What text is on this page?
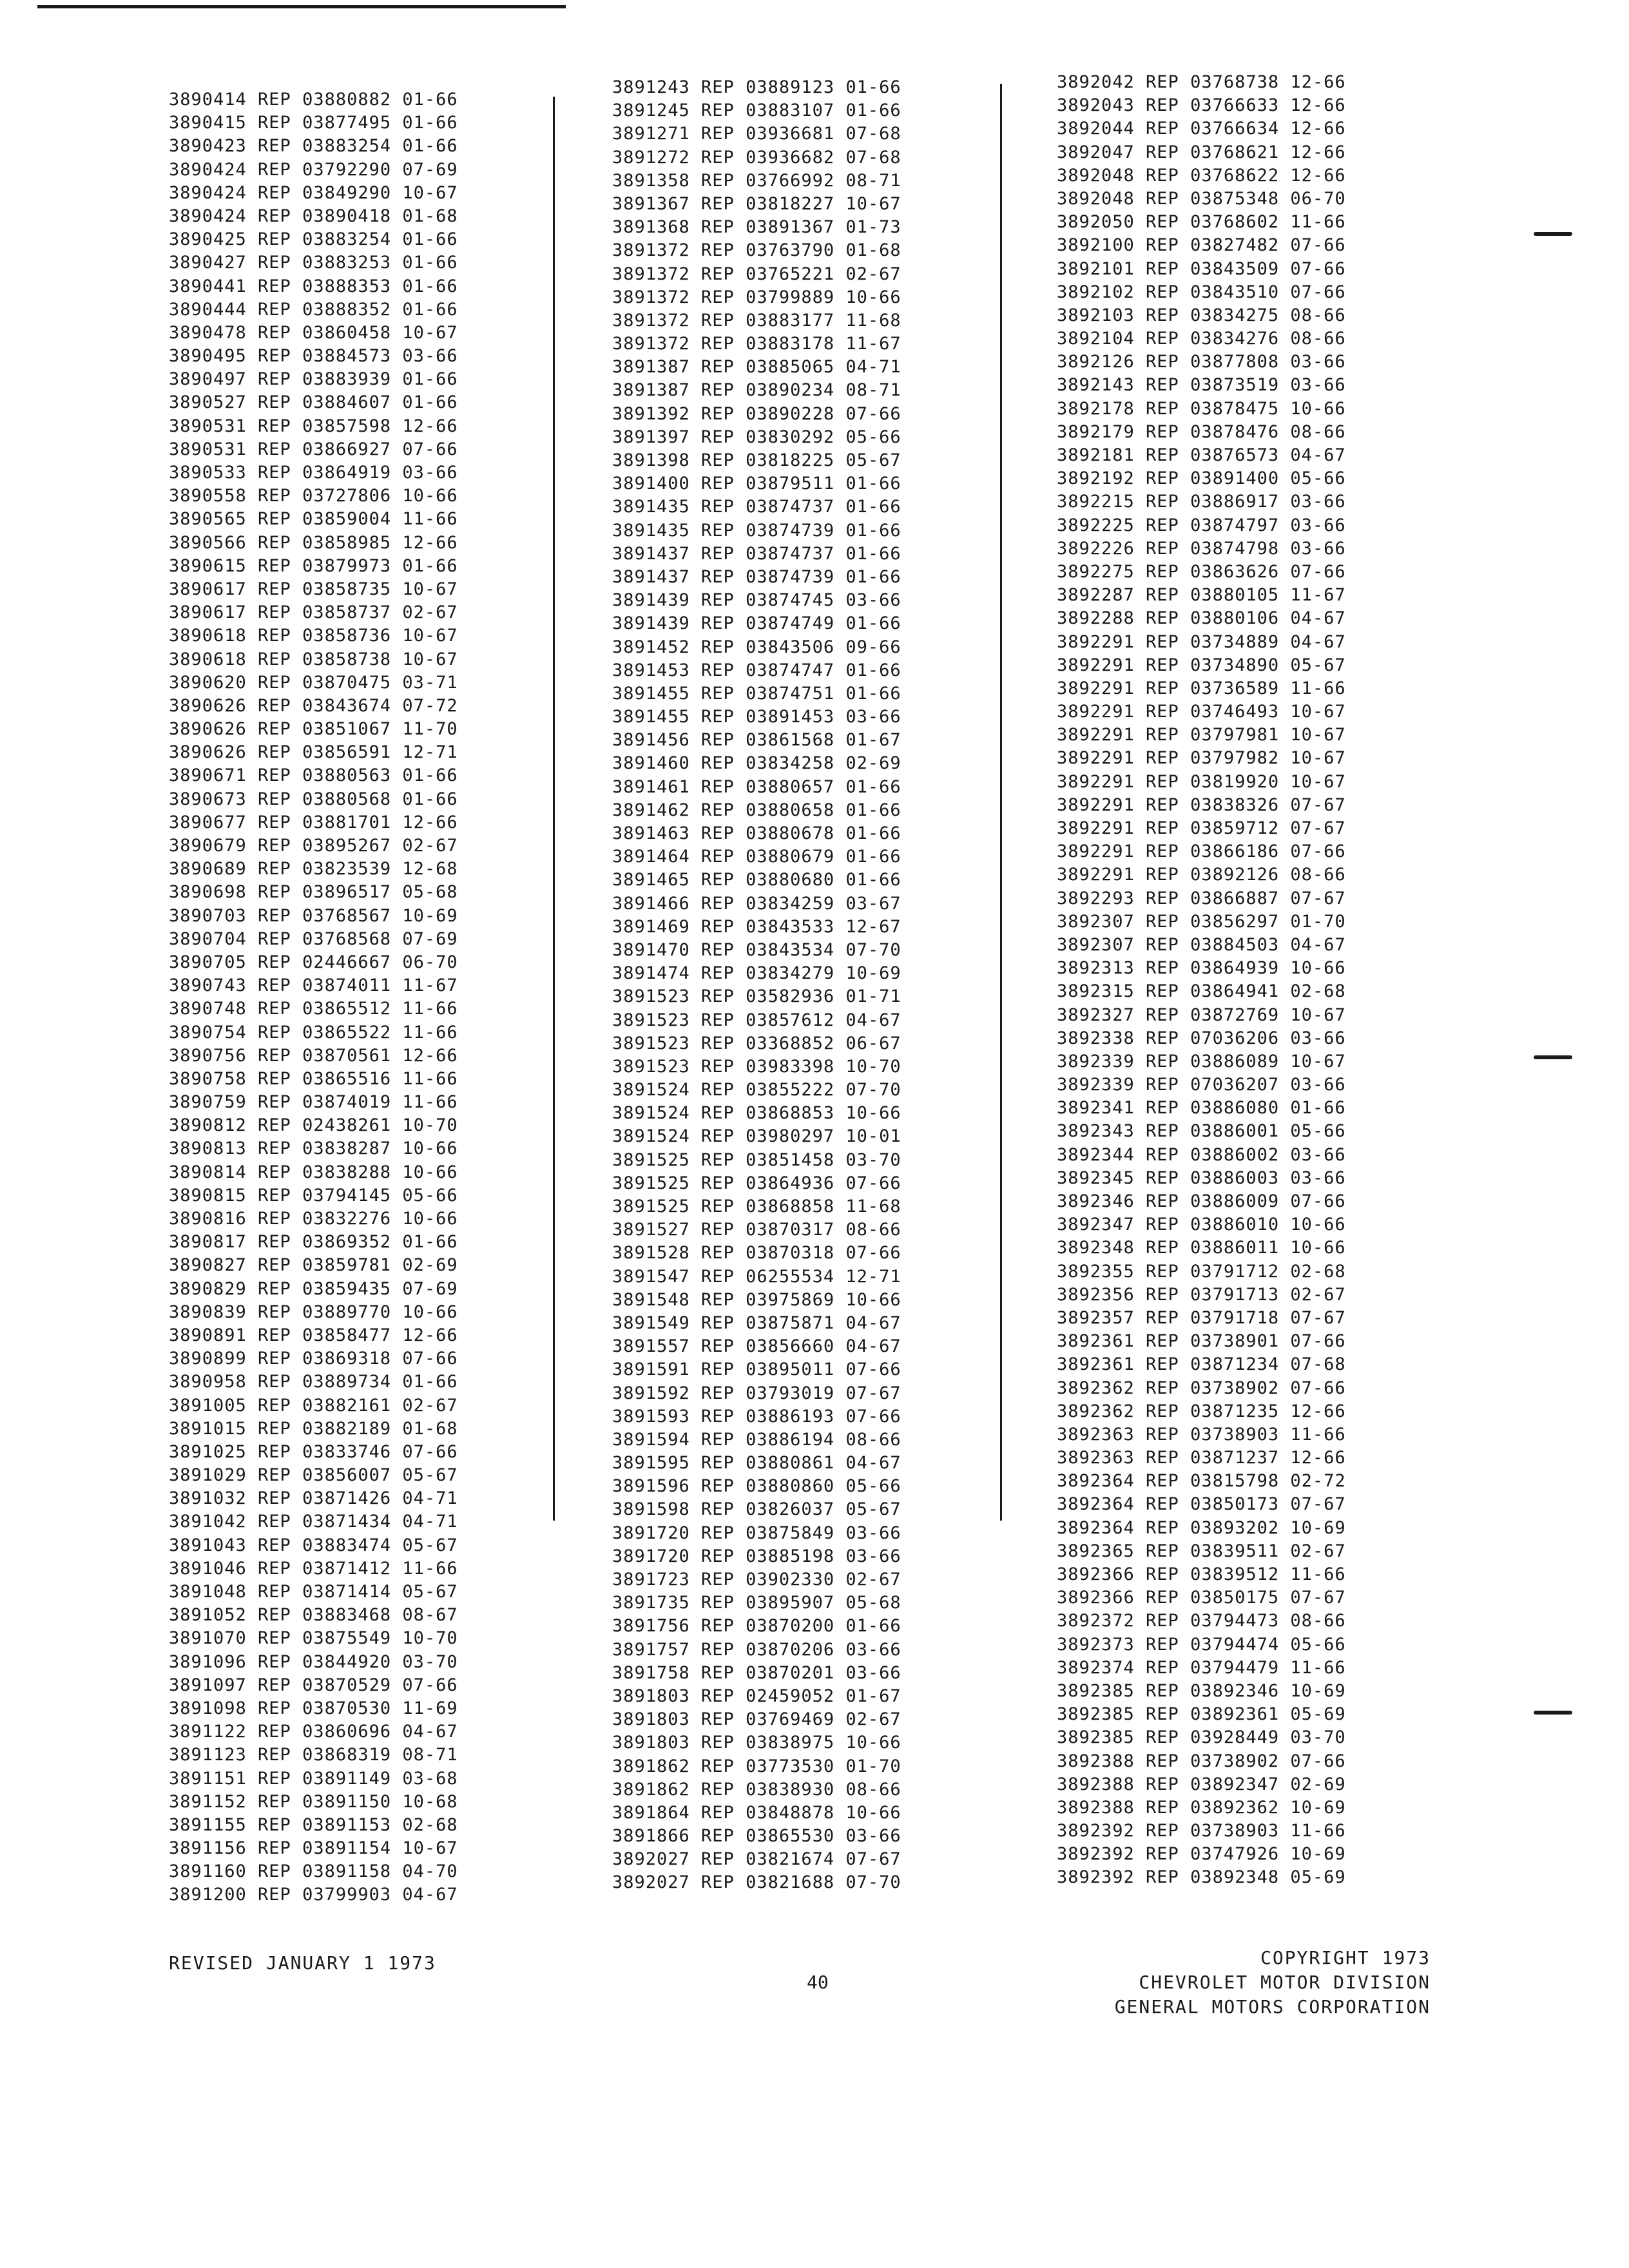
3890414 REP 03880882 01-66
3890415 REP 03877495 01-66
3890423 REP 03883254 01-66
3890424 REP 03792290 07-69
3890424 REP 03849290 10-67
3890424 REP 03890418 01-68
3890425 REP 03883254 01-66
3890427 REP 03883253 01-66
3890441 REP 03888353 01-66
3890444 REP 03888352 01-66
3890478 REP 03860458 10-67
3890495 REP 03884573 03-66
3890497 REP 03883939 01-66
3890527 REP 03884607 01-66
3890531 REP 03857598 12-66
3890531 REP 03866927 07-66
3890533 REP 03864919 03-66
3890558 REP 03727806 10-66
3890565 REP 03859004 11-66
3890566 REP 03858985 12-66
3890615 REP 03879973 01-66
3890617 REP 03858735 10-67
3890617 REP 03858737 02-67
3890618 REP 03858736 10-67
3890618 REP 03858738 10-67
3890620 REP 03870475 03-71
3890626 REP 03843674 07-72
3890626 REP 03851067 11-70
3890626 REP 03856591 12-71
3890671 REP 03880563 01-66
3890673 REP 03880568 01-66
3890677 REP 03881701 12-66
3890679 REP 03895267 02-67
3890689 REP 03823539 12-68
3890698 REP 03896517 05-68
3890703 REP 03768567 10-69
3890704 REP 03768568 07-69
3890705 REP 02446667 06-70
3890743 REP 03874011 11-67
3890748 REP 03865512 11-66
3890754 REP 03865522 11-66
3890756 REP 03870561 12-66
3890758 REP 03865516 11-66
3890759 REP 03874019 11-66
3890812 REP 02438261 10-70
3890813 REP 03838287 10-66
3890814 REP 03838288 10-66
3890815 REP 03794145 05-66
3890816 REP 03832276 10-66
3890817 REP 03869352 01-66
3890827 REP 03859781 02-69
3890829 REP 03859435 07-69
3890839 REP 03889770 10-66
3890891 REP 03858477 12-66
3890899 REP 03869318 07-66
3890958 REP 03889734 01-66
3891005 REP 03882161 02-67
3891015 REP 03882189 01-68
3891025 REP 03833746 07-66
3891029 REP 03856007 05-67
3891032 REP 03871426 04-71
3891042 REP 03871434 04-71
3891043 REP 03883474 05-67
3891046 REP 03871412 11-66
3891048 REP 03871414 05-67
3891052 REP 03883468 08-67
3891070 REP 03875549 10-70
3891096 REP 03844920 03-70
3891097 REP 03870529 07-66
3891098 REP 03870530 11-69
3891122 REP 03860696 04-67
3891123 REP 03868319 08-71
3891151 REP 03891149 03-68
3891152 REP 03891150 10-68
3891155 REP 03891153 02-68
3891156 REP 03891154 10-67
3891160 REP 03891158 04-70
3891200 REP 03799903 04-67
3891243 REP 03889123 01-66
3891245 REP 03883107 01-66
3891271 REP 03936681 07-68
3891272 REP 03936682 07-68
3891358 REP 03766992 08-71
3891367 REP 03818227 10-67
3891368 REP 03891367 01-73
3891372 REP 03763790 01-68
3891372 REP 03765221 02-67
3891372 REP 03799889 10-66
3891372 REP 03883177 11-68
3891372 REP 03883178 11-67
3891387 REP 03885065 04-71
3891387 REP 03890234 08-71
3891392 REP 03890228 07-66
3891397 REP 03830292 05-66
3891398 REP 03818225 05-67
3891400 REP 03879511 01-66
3891435 REP 03874737 01-66
3891435 REP 03874739 01-66
3891437 REP 03874737 01-66
3891437 REP 03874739 01-66
3891439 REP 03874745 03-66
3891439 REP 03874749 01-66
3891452 REP 03843506 09-66
3891453 REP 03874747 01-66
3891455 REP 03874751 01-66
3891455 REP 03891453 03-66
3891456 REP 03861568 01-67
3891460 REP 03834258 02-69
3891461 REP 03880657 01-66
3891462 REP 03880658 01-66
3891463 REP 03880678 01-66
3891464 REP 03880679 01-66
3891465 REP 03880680 01-66
3891466 REP 03834259 03-67
3891469 REP 03843533 12-67
3891470 REP 03843534 07-70
3891474 REP 03834279 10-69
3891523 REP 03582936 01-71
3891523 REP 03857612 04-67
3891523 REP 03368852 06-67
3891523 REP 03983398 10-70
3891524 REP 03855222 07-70
3891524 REP 03868853 10-66
3891524 REP 03980297 10-01
3891525 REP 03851458 03-70
3891525 REP 03864936 07-66
3891525 REP 03868858 11-68
3891527 REP 03870317 08-66
3891528 REP 03870318 07-66
3891547 REP 06255534 12-71
3891548 REP 03975869 10-66
3891549 REP 03875871 04-67
3891557 REP 03856660 04-67
3891591 REP 03895011 07-66
3891592 REP 03793019 07-67
3891593 REP 03886193 07-66
3891594 REP 03886194 08-66
3891595 REP 03880861 04-67
3891596 REP 03880860 05-66
3891598 REP 03826037 05-67
3891720 REP 03875849 03-66
3891720 REP 03885198 03-66
3891723 REP 03902330 02-67
3891735 REP 03895907 05-68
3891756 REP 03870200 01-66
3891757 REP 03870206 03-66
3891758 REP 03870201 03-66
3891803 REP 02459052 01-67
3891803 REP 03769469 02-67
3891803 REP 03838975 10-66
3891862 REP 03773530 01-70
3891862 REP 03838930 08-66
3891864 REP 03848878 10-66
3891866 REP 03865530 03-66
3892027 REP 03821674 07-67
3892027 REP 03821688 07-70
3892042 REP 03768738 12-66
3892043 REP 03766633 12-66
3892044 REP 03766634 12-66
3892047 REP 03768621 12-66
3892048 REP 03768622 12-66
3892048 REP 03875348 06-70
3892050 REP 03768602 11-66
3892100 REP 03827482 07-66
3892101 REP 03843509 07-66
3892102 REP 03843510 07-66
3892103 REP 03834275 08-66
3892104 REP 03834276 08-66
3892126 REP 03877808 03-66
3892143 REP 03873519 03-66
3892178 REP 03878475 10-66
3892179 REP 03878476 08-66
3892181 REP 03876573 04-67
3892192 REP 03891400 05-66
3892215 REP 03886917 03-66
3892225 REP 03874797 03-66
3892226 REP 03874798 03-66
3892275 REP 03863626 07-66
3892287 REP 03880105 11-67
3892288 REP 03880106 04-67
3892291 REP 03734889 04-67
3892291 REP 03734890 05-67
3892291 REP 03736589 11-66
3892291 REP 03746493 10-67
3892291 REP 03797981 10-67
3892291 REP 03797982 10-67
3892291 REP 03819920 10-67
3892291 REP 03838326 07-67
3892291 REP 03859712 07-67
3892291 REP 03866186 07-66
3892291 REP 03892126 08-66
3892293 REP 03866887 07-67
3892307 REP 03856297 01-70
3892307 REP 03884503 04-67
3892313 REP 03864939 10-66
3892315 REP 03864941 02-68
3892327 REP 03872769 10-67
3892338 REP 07036206 03-66
3892339 REP 03886089 10-67
3892339 REP 07036207 03-66
3892341 REP 03886080 01-66
3892343 REP 03886001 05-66
3892344 REP 03886002 03-66
3892345 REP 03886003 03-66
3892346 REP 03886009 07-66
3892347 REP 03886010 10-66
3892348 REP 03886011 10-66
3892355 REP 03791712 02-68
3892356 REP 03791713 02-67
3892357 REP 03791718 07-67
3892361 REP 03738901 07-66
3892361 REP 03871234 07-68
3892362 REP 03738902 07-66
3892362 REP 03871235 12-66
3892363 REP 03738903 11-66
3892363 REP 03871237 12-66
3892364 REP 03815798 02-72
3892364 REP 03850173 07-67
3892364 REP 03893202 10-69
3892365 REP 03839511 02-67
3892366 REP 03839512 11-66
3892366 REP 03850175 07-67
3892372 REP 03794473 08-66
3892373 REP 03794474 05-66
3892374 REP 03794479 11-66
3892385 REP 03892346 10-69
3892385 REP 03892361 05-69
3892385 REP 03928449 03-70
3892388 REP 03738902 07-66
3892388 REP 03892347 02-69
3892388 REP 03892362 10-69
3892392 REP 03738903 11-66
3892392 REP 03747926 10-69
3892392 REP 03892348 05-69
REVISED JANUARY 1 1973
40
COPYRIGHT 1973
CHEVROLET MOTOR DIVISION
GENERAL MOTORS CORPORATION
